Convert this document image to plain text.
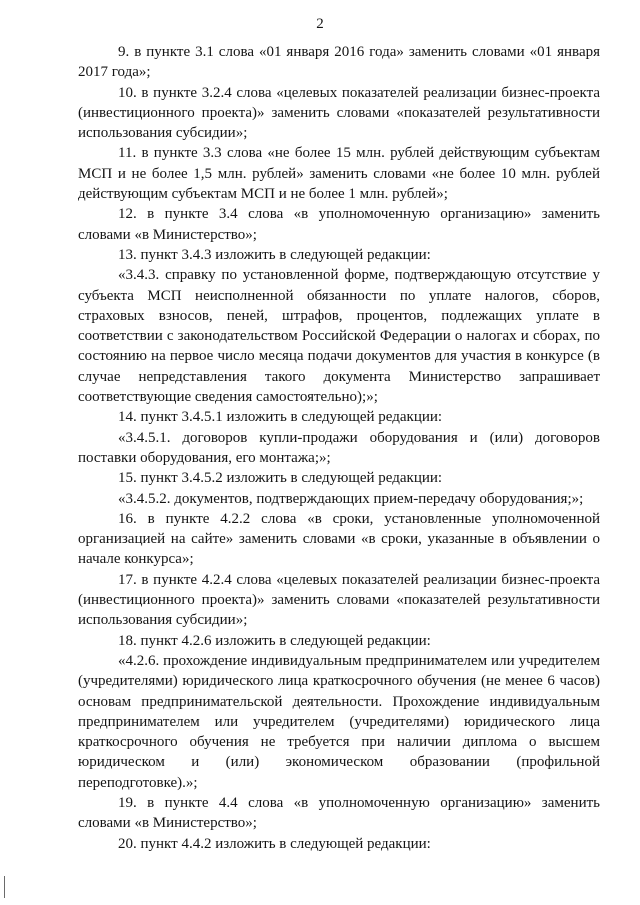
2

9. в пункте 3.1 слова «01 января 2016 года» заменить словами «01 января 2017 года»;

10. в пункте 3.2.4 слова «целевых показателей реализации бизнес-проекта (инвестиционного проекта)» заменить словами «показателей результативности использования субсидии»;

11. в пункте 3.3 слова «не более 15 млн. рублей действующим субъектам МСП и не более 1,5 млн. рублей» заменить словами «не более 10 млн. рублей действующим субъектам МСП и не более 1 млн. рублей»;

12. в пункте 3.4 слова «в уполномоченную организацию» заменить словами «в Министерство»;

13. пункт 3.4.3 изложить в следующей редакции:

«3.4.3. справку по установленной форме, подтверждающую отсутствие у субъекта МСП неисполненной обязанности по уплате налогов, сборов, страховых взносов, пеней, штрафов, процентов, подлежащих уплате в соответствии с законодательством Российской Федерации о налогах и сборах, по состоянию на первое число месяца подачи документов для участия в конкурсе (в случае непредставления такого документа Министерство запрашивает соответствующие сведения самостоятельно);»;

14. пункт 3.4.5.1 изложить в следующей редакции:

«3.4.5.1. договоров купли-продажи оборудования и (или) договоров поставки оборудования, его монтажа;»;

15. пункт 3.4.5.2 изложить в следующей редакции:

«3.4.5.2. документов, подтверждающих прием-передачу оборудования;»;

16. в пункте 4.2.2 слова «в сроки, установленные уполномоченной организацией на сайте» заменить словами «в сроки, указанные в объявлении о начале конкурса»;

17. в пункте 4.2.4 слова «целевых показателей реализации бизнес-проекта (инвестиционного проекта)» заменить словами «показателей результативности использования субсидии»;

18. пункт 4.2.6 изложить в следующей редакции:

«4.2.6. прохождение индивидуальным предпринимателем или учредителем (учредителями) юридического лица краткосрочного обучения (не менее 6 часов) основам предпринимательской деятельности. Прохождение индивидуальным предпринимателем или учредителем (учредителями) юридического лица краткосрочного обучения не требуется при наличии диплома о высшем юридическом и (или) экономическом образовании (профильной переподготовке).»;

19. в пункте 4.4 слова «в уполномоченную организацию» заменить словами «в Министерство»;

20. пункт 4.4.2 изложить в следующей редакции:
